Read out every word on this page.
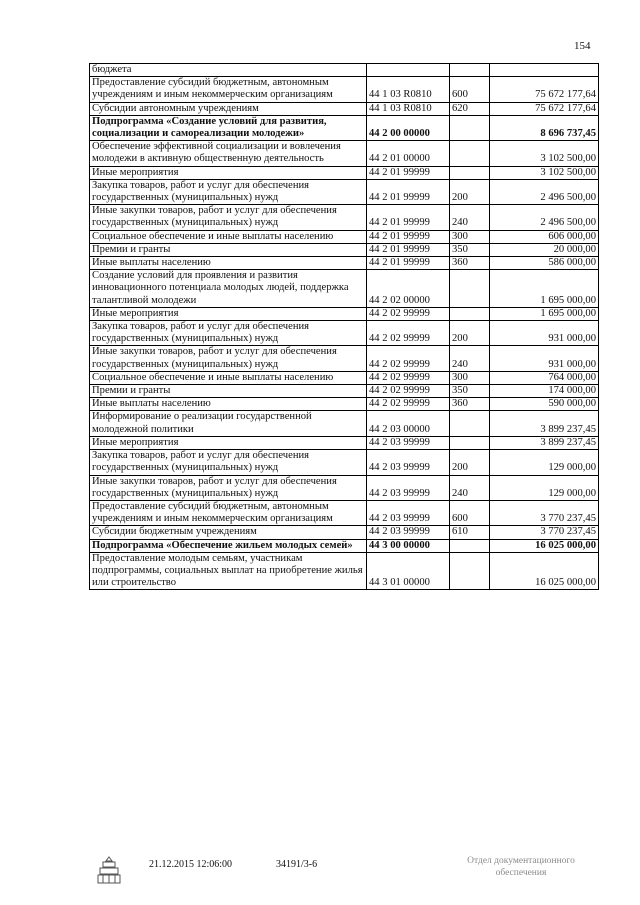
154
бюджета			
Предоставление субсидий бюджетным, автономным учреждениям и иным некоммерческим организациям	44 1 03 R0810	600	75 672 177,64
Субсидии автономным учреждениям	44 1 03 R0810	620	75 672 177,64
Подпрограмма «Создание условий для развития, социализации и самореализации молодежи»	44 2 00 00000		8 696 737,45
Обеспечение эффективной социализации и вовлечения молодежи в активную общественную деятельность	44 2 01 00000		3 102 500,00
Иные мероприятия	44 2 01 99999		3 102 500,00
Закупка товаров, работ и услуг для обеспечения государственных (муниципальных) нужд	44 2 01 99999	200	2 496 500,00
Иные закупки товаров, работ и услуг для обеспечения государственных (муниципальных) нужд	44 2 01 99999	240	2 496 500,00
Социальное обеспечение и иные выплаты населению	44 2 01 99999	300	606 000,00
Премии и гранты	44 2 01 99999	350	20 000,00
Иные выплаты населению	44 2 01 99999	360	586 000,00
Создание условий для проявления и развития инновационного потенциала молодых людей, поддержка талантливой молодежи	44 2 02 00000		1 695 000,00
Иные мероприятия	44 2 02 99999		1 695 000,00
Закупка товаров, работ и услуг для обеспечения государственных (муниципальных) нужд	44 2 02 99999	200	931 000,00
Иные закупки товаров, работ и услуг для обеспечения государственных (муниципальных) нужд	44 2 02 99999	240	931 000,00
Социальное обеспечение и иные выплаты населению	44 2 02 99999	300	764 000,00
Премии и гранты	44 2 02 99999	350	174 000,00
Иные выплаты населению	44 2 02 99999	360	590 000,00
Информирование о реализации государственной молодежной политики	44 2 03 00000		3 899 237,45
Иные мероприятия	44 2 03 99999		3 899 237,45
Закупка товаров, работ и услуг для обеспечения государственных (муниципальных) нужд	44 2 03 99999	200	129 000,00
Иные закупки товаров, работ и услуг для обеспечения государственных (муниципальных) нужд	44 2 03 99999	240	129 000,00
Предоставление субсидий бюджетным, автономным учреждениям и иным некоммерческим организациям	44 2 03 99999	600	3 770 237,45
Субсидии бюджетным учреждениям	44 2 03 99999	610	3 770 237,45
Подпрограмма «Обеспечение жильем молодых семей»	44 3 00 00000		16 025 000,00
Предоставление молодым семьям, участникам подпрограммы, социальных выплат на приобретение жилья или строительство	44 3 01 00000		16 025 000,00
21.12.2015 12:06:00	34191/3-6	Отдел документационного
обеспечения
